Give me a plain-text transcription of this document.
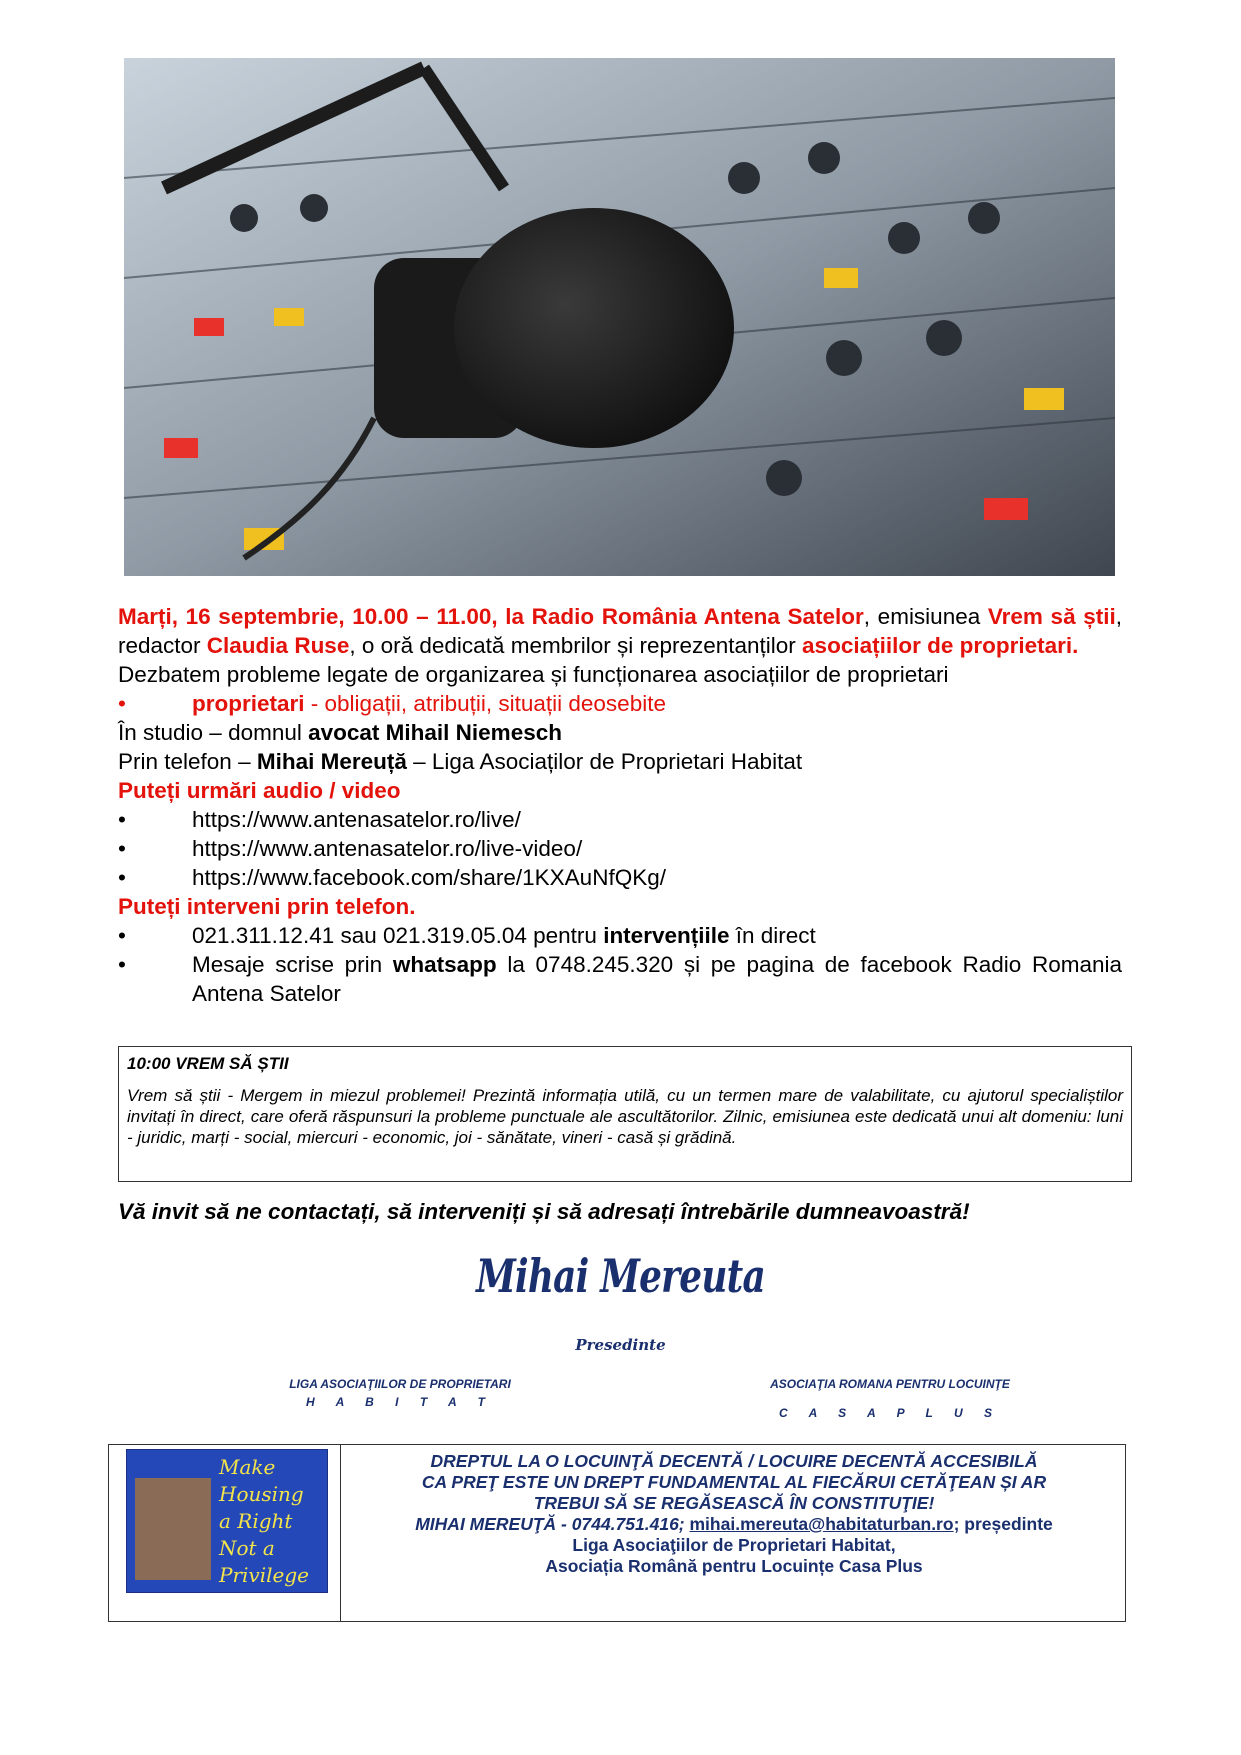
Marți, 16 septembrie, 10.00 – 11.00, la Radio România Antena Satelor, emisiunea Vrem să știi, redactor Claudia Ruse, o oră dedicată membrilor și reprezentanților asociațiilor de proprietari.
Dezbatem probleme legate de organizarea și funcționarea asociațiilor de proprietari
•	proprietari - obligații, atribuții, situații deosebite
În studio – domnul avocat Mihail Niemesch
Prin telefon – Mihai Mereuță – Liga Asociaților de Proprietari Habitat
Puteți urmări audio / video
•	https://www.antenasatelor.ro/live/
•	https://www.antenasatelor.ro/live-video/
•	https://www.facebook.com/share/1KXAuNfQKg/
Puteți interveni prin telefon.
•	021.311.12.41 sau 021.319.05.04 pentru intervențiile în direct
•	Mesaje scrise prin whatsapp la 0748.245.320 și pe pagina de facebook Radio Romania Antena Satelor
10:00 VREM SĂ ȘTII
Vrem să știi - Mergem in miezul problemei! Prezintă informația utilă, cu un termen mare de valabilitate, cu ajutorul specialiștilor invitați în direct, care oferă răspunsuri la probleme punctuale ale ascultătorilor. Zilnic, emisiunea este dedicată unui alt domeniu: luni - juridic, marți - social, miercuri - economic, joi - sănătate, vineri - casă și grădină.
Vă invit să ne contactați, să interveniți și să adresați întrebările dumneavoastră!
Mihai Mereuta
Presedinte
LIGA ASOCIAŢIILOR DE PROPRIETARI
H A B I T A T
ASOCIAŢIA ROMANA PENTRU LOCUINŢE
C A S A P L U S
Make
Housing
a Right
Not a
Privilege
DREPTUL LA O LOCUINŢĂ DECENTĂ / LOCUIRE DECENTĂ ACCESIBILĂ
CA PREŢ ESTE UN DREPT FUNDAMENTAL AL FIECĂRUI CETĂŢEAN ȘI AR
TREBUI SĂ SE REGĂSEASCĂ ÎN CONSTITUŢIE!
MIHAI MEREUŢĂ - 0744.751.416; mihai.mereuta@habitaturban.ro; președinte
Liga Asociaţiilor de Proprietari Habitat,
Asociația Română pentru Locuințe Casa Plus
